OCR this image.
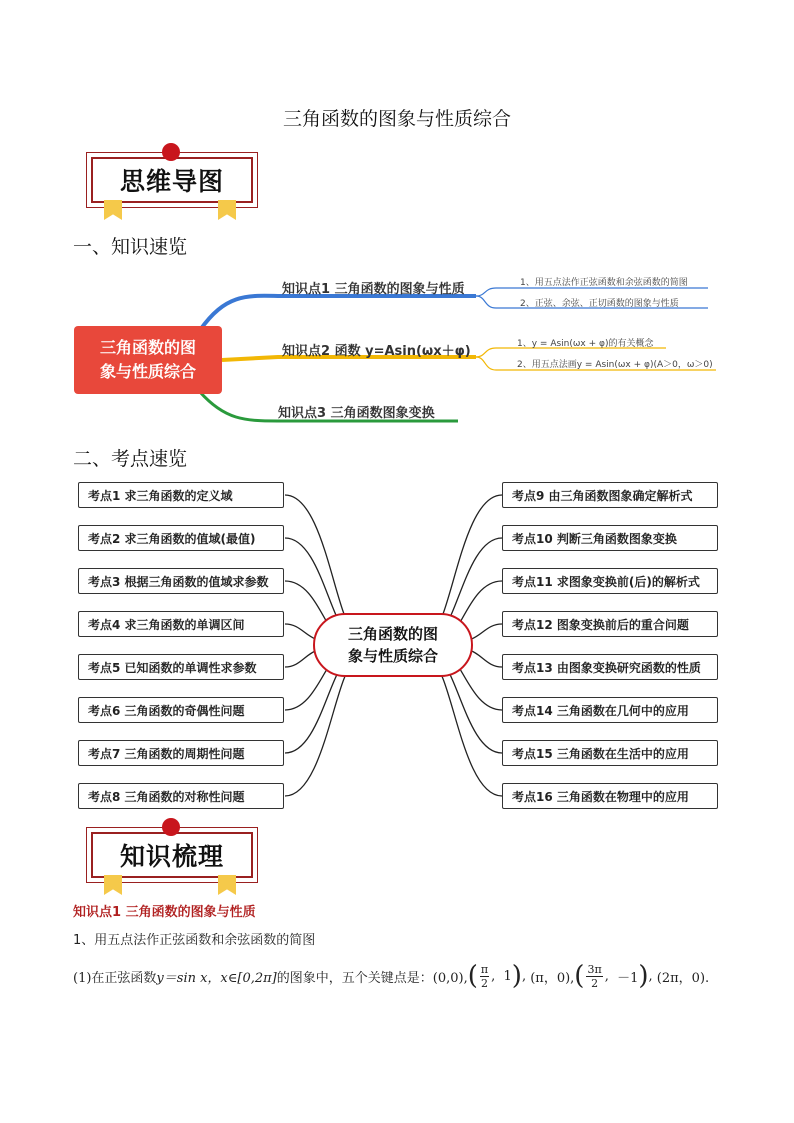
三角函数的图象与性质综合
思维导图
一、知识速览
三角函数的图
象与性质综合
知识点1 三角函数的图象与性质
知识点2 函数 y=Asin(ωx＋φ)
知识点3 三角函数图象变换
1、用五点法作正弦函数和余弦函数的简图
2、正弦、余弦、正切函数的图象与性质
1、y = Asin(ωx + φ)的有关概念
2、用五点法画y = Asin(ωx + φ)(A＞0，ω＞0)
二、考点速览
考点1 求三角函数的定义域
考点2 求三角函数的值域(最值)
考点3 根据三角函数的值域求参数
考点4 求三角函数的单调区间
考点5 已知函数的单调性求参数
考点6 三角函数的奇偶性问题
考点7 三角函数的周期性问题
考点8 三角函数的对称性问题
考点9 由三角函数图象确定解析式
考点10 判断三角函数图象变换
考点11 求图象变换前(后)的解析式
考点12 图象变换前后的重合问题
考点13 由图象变换研究函数的性质
考点14 三角函数在几何中的应用
考点15 三角函数在生活中的应用
考点16 三角函数在物理中的应用
三角函数的图
象与性质综合
知识梳理
知识点1 三角函数的图象与性质
1、用五点法作正弦函数和余弦函数的简图
(1)在正弦函数 y＝sin x，x∈[0,2π] 的图象中，五个关键点是：(0,0), ( $\frac{\pi}{2}$ , 1 ) , (π，0), ( $\frac{3\pi}{2}$ , －1 ) , (2π，0).
